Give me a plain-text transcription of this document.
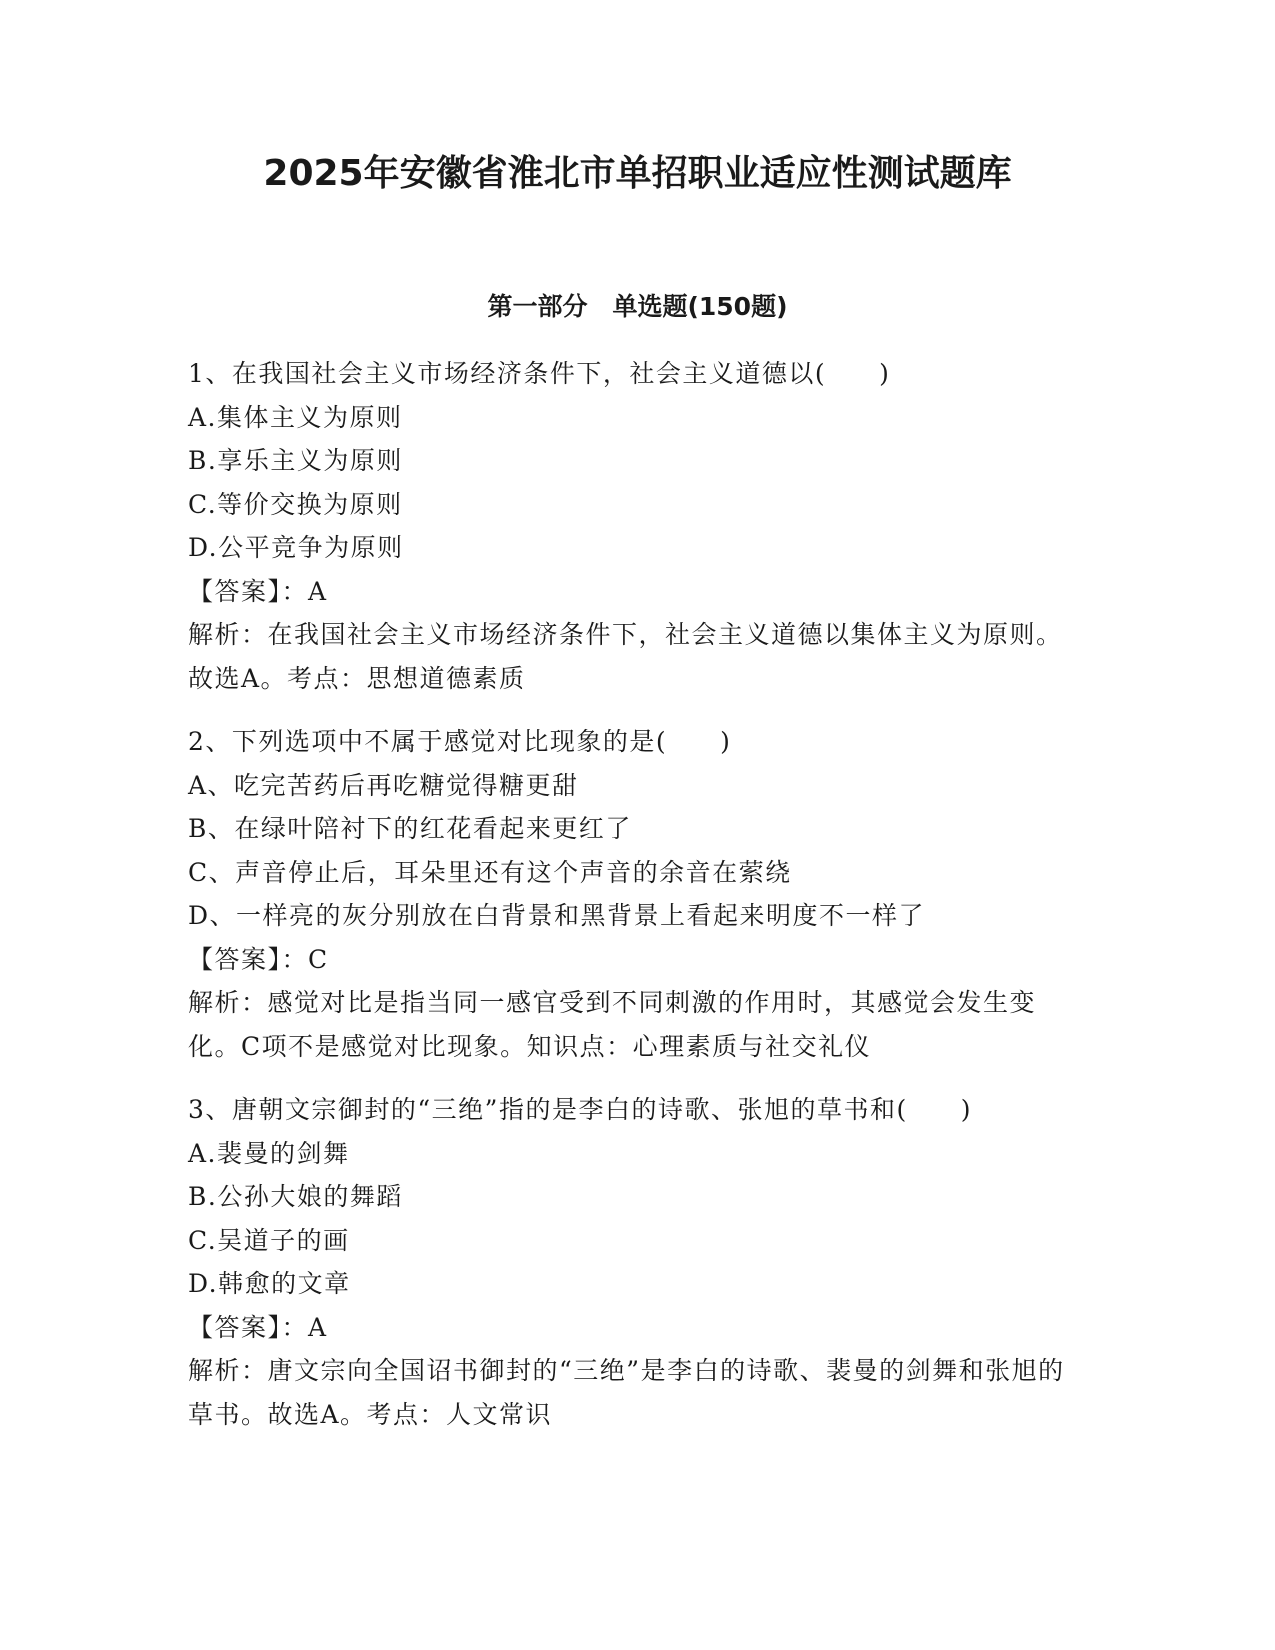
2025年安徽省淮北市单招职业适应性测试题库
第一部分　单选题(150题)
1、在我国社会主义市场经济条件下，社会主义道德以(　　)
A.集体主义为原则
B.享乐主义为原则
C.等价交换为原则
D.公平竞争为原则
【答案】：A
解析：在我国社会主义市场经济条件下，社会主义道德以集体主义为原则。故选A。考点：思想道德素质
2、下列选项中不属于感觉对比现象的是(　　)
A、吃完苦药后再吃糖觉得糖更甜
B、在绿叶陪衬下的红花看起来更红了
C、声音停止后，耳朵里还有这个声音的余音在萦绕
D、一样亮的灰分别放在白背景和黑背景上看起来明度不一样了
【答案】：C
解析：感觉对比是指当同一感官受到不同刺激的作用时，其感觉会发生变化。C项不是感觉对比现象。知识点：心理素质与社交礼仪
3、唐朝文宗御封的“三绝”指的是李白的诗歌、张旭的草书和(　　)
A.裴曼的剑舞
B.公孙大娘的舞蹈
C.吴道子的画
D.韩愈的文章
【答案】：A
解析：唐文宗向全国诏书御封的“三绝”是李白的诗歌、裴曼的剑舞和张旭的草书。故选A。考点：人文常识
